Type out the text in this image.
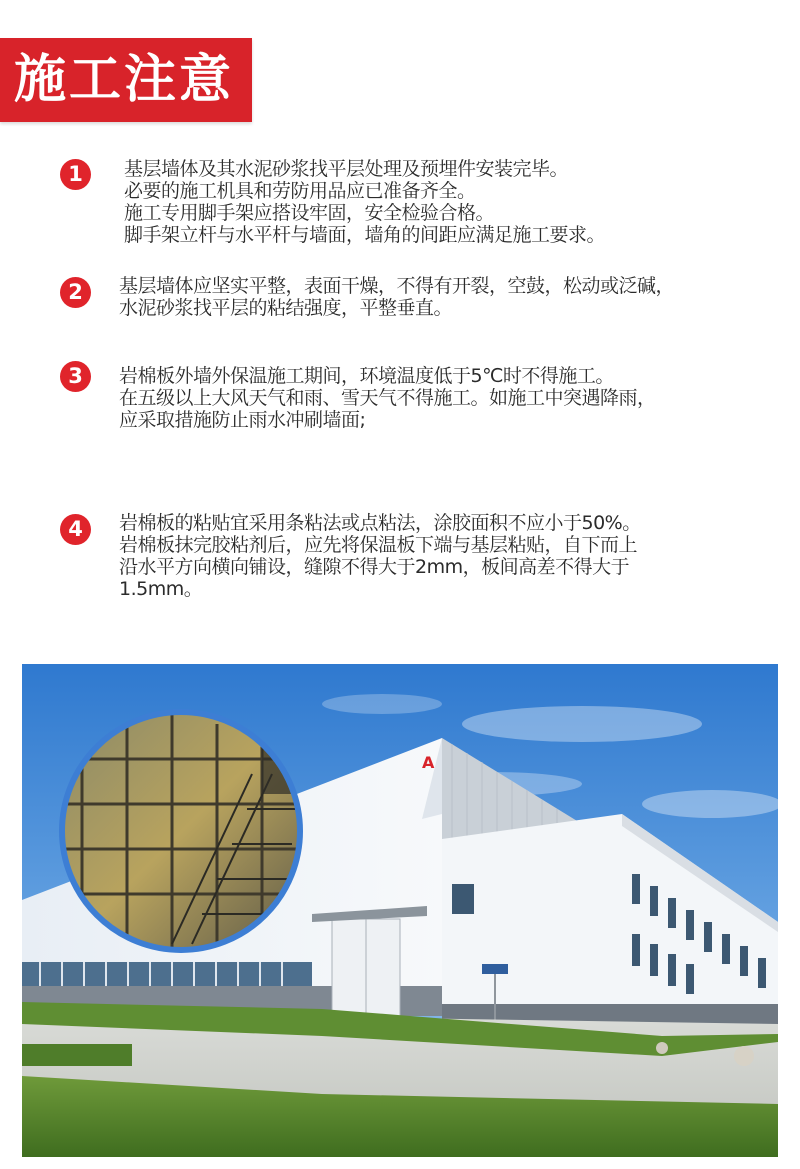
施工注意
1	基层墙体及其水泥砂浆找平层处理及预埋件安装完毕。
必要的施工机具和劳防用品应已准备齐全。
施工专用脚手架应搭设牢固，安全检验合格。
脚手架立杆与水平杆与墙面，墙角的间距应满足施工要求。
2	基层墙体应坚实平整，表面干燥，不得有开裂，空鼓，松动或泛碱，
水泥砂浆找平层的粘结强度，平整垂直。
3	岩棉板外墙外保温施工期间，环境温度低于5℃时不得施工。
在五级以上大风天气和雨、雪天气不得施工。如施工中突遇降雨，
应采取措施防止雨水冲刷墙面;
4	岩棉板的粘贴宜采用条粘法或点粘法，涂胶面积不应小于50%。
岩棉板抹完胶粘剂后，应先将保温板下端与基层粘贴，自下而上
沿水平方向横向铺设，缝隙不得大于2mm，板间高差不得大于
1.5mm。
A
